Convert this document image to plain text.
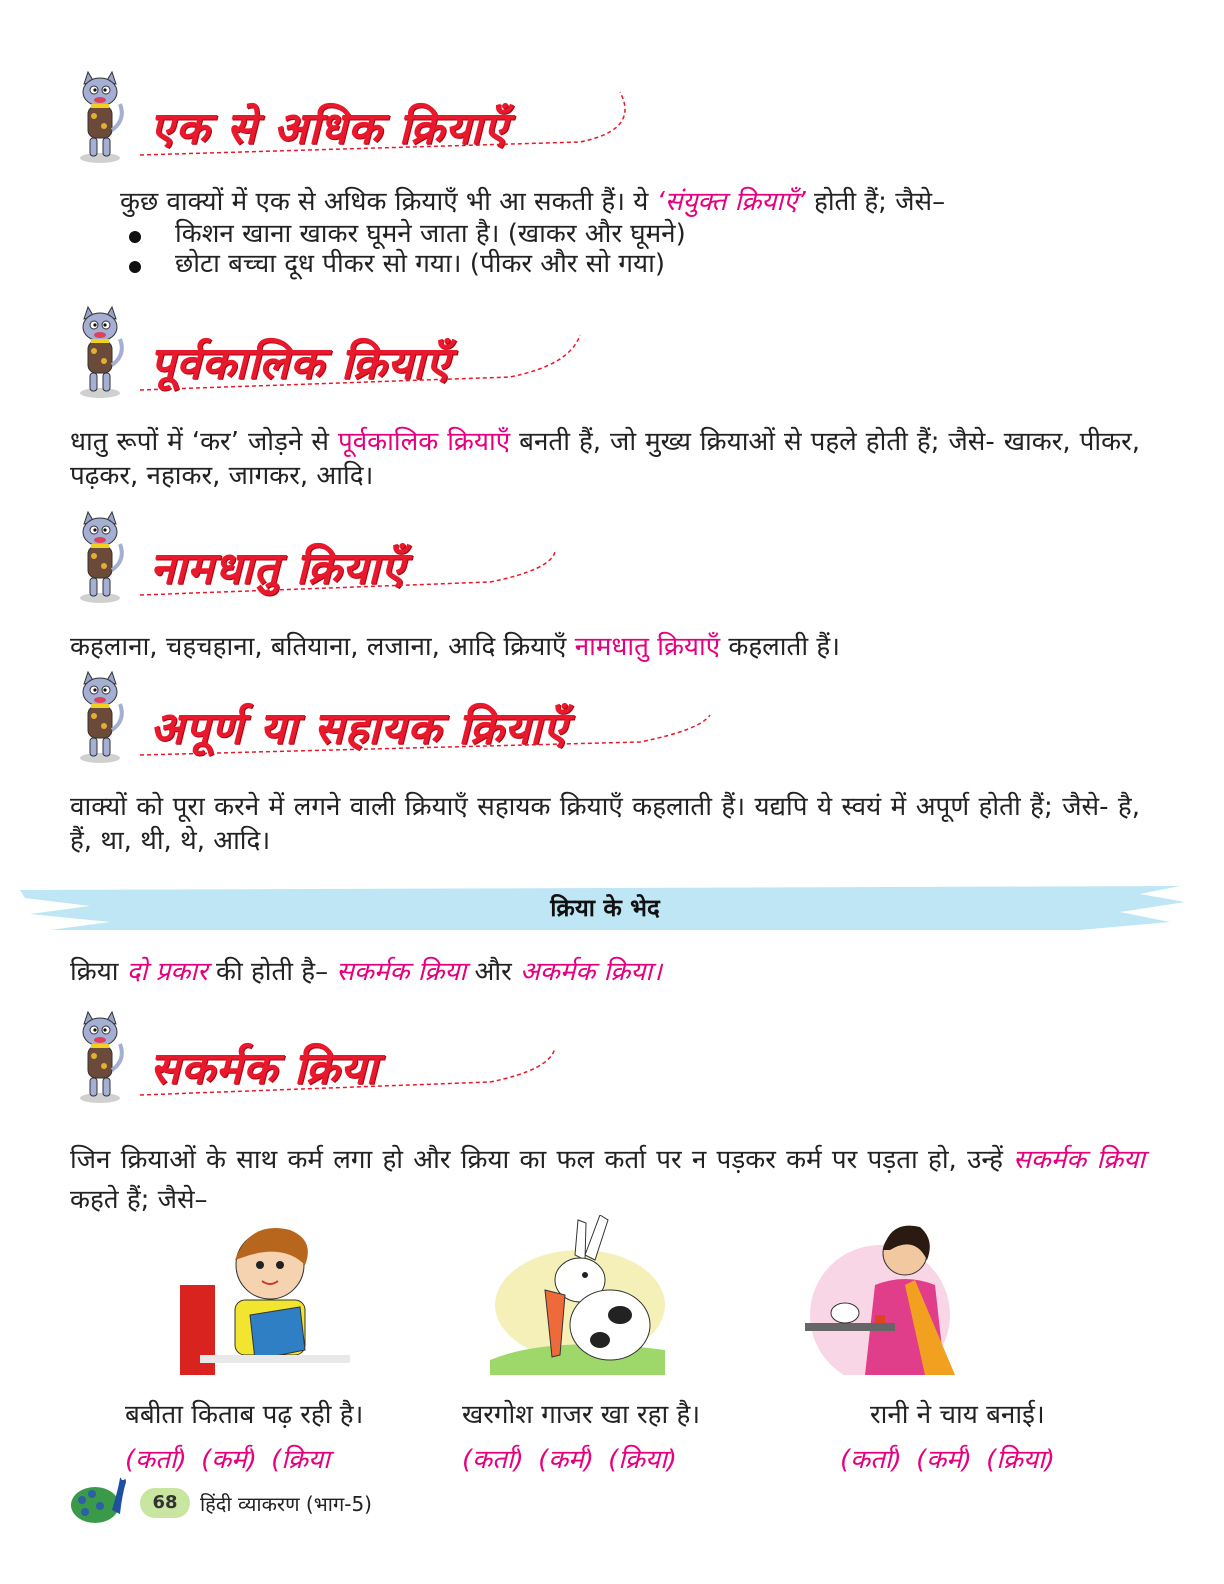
एक से अधिक क्रियाएँ
कुछ वाक्यों में एक से अधिक क्रियाएँ भी आ सकती हैं। ये ‘संयुक्त क्रियाएँ’ होती हैं; जैसे–
किशन खाना खाकर घूमने जाता है। (खाकर और घूमने)
छोटा बच्चा दूध पीकर सो गया। (पीकर और सो गया)
पूर्वकालिक क्रियाएँ
धातु रूपों में ‘कर’ जोड़ने से पूर्वकालिक क्रियाएँ बनती हैं, जो मुख्य क्रियाओं से पहले होती हैं; जैसे- खाकर, पीकर, पढ़कर, नहाकर, जागकर, आदि।
नामधातु क्रियाएँ
कहलाना, चहचहाना, बतियाना, लजाना, आदि क्रियाएँ नामधातु क्रियाएँ कहलाती हैं।
अपूर्ण या सहायक क्रियाएँ
वाक्यों को पूरा करने में लगने वाली क्रियाएँ सहायक क्रियाएँ कहलाती हैं। यद्यपि ये स्वयं में अपूर्ण होती हैं; जैसे- है, हैं, था, थी, थे, आदि।
क्रिया के भेद
क्रिया दो प्रकार की होती है– सकर्मक क्रिया और अकर्मक क्रिया।
सकर्मक क्रिया
जिन क्रियाओं के साथ कर्म लगा हो और क्रिया का फल कर्ता पर न पड़कर कर्म पर पड़ता हो, उन्हें सकर्मक क्रिया कहते हैं; जैसे–
बबीता किताब पढ़ रही है।	खरगोश गाजर खा रहा है।	रानी ने चाय बनाई।
(कर्ता) (कर्म) (क्रिया	(कर्ता) (कर्म) (क्रिया)	(कर्ता) (कर्म) (क्रिया)
68	हिंदी व्याकरण (भाग-5)
